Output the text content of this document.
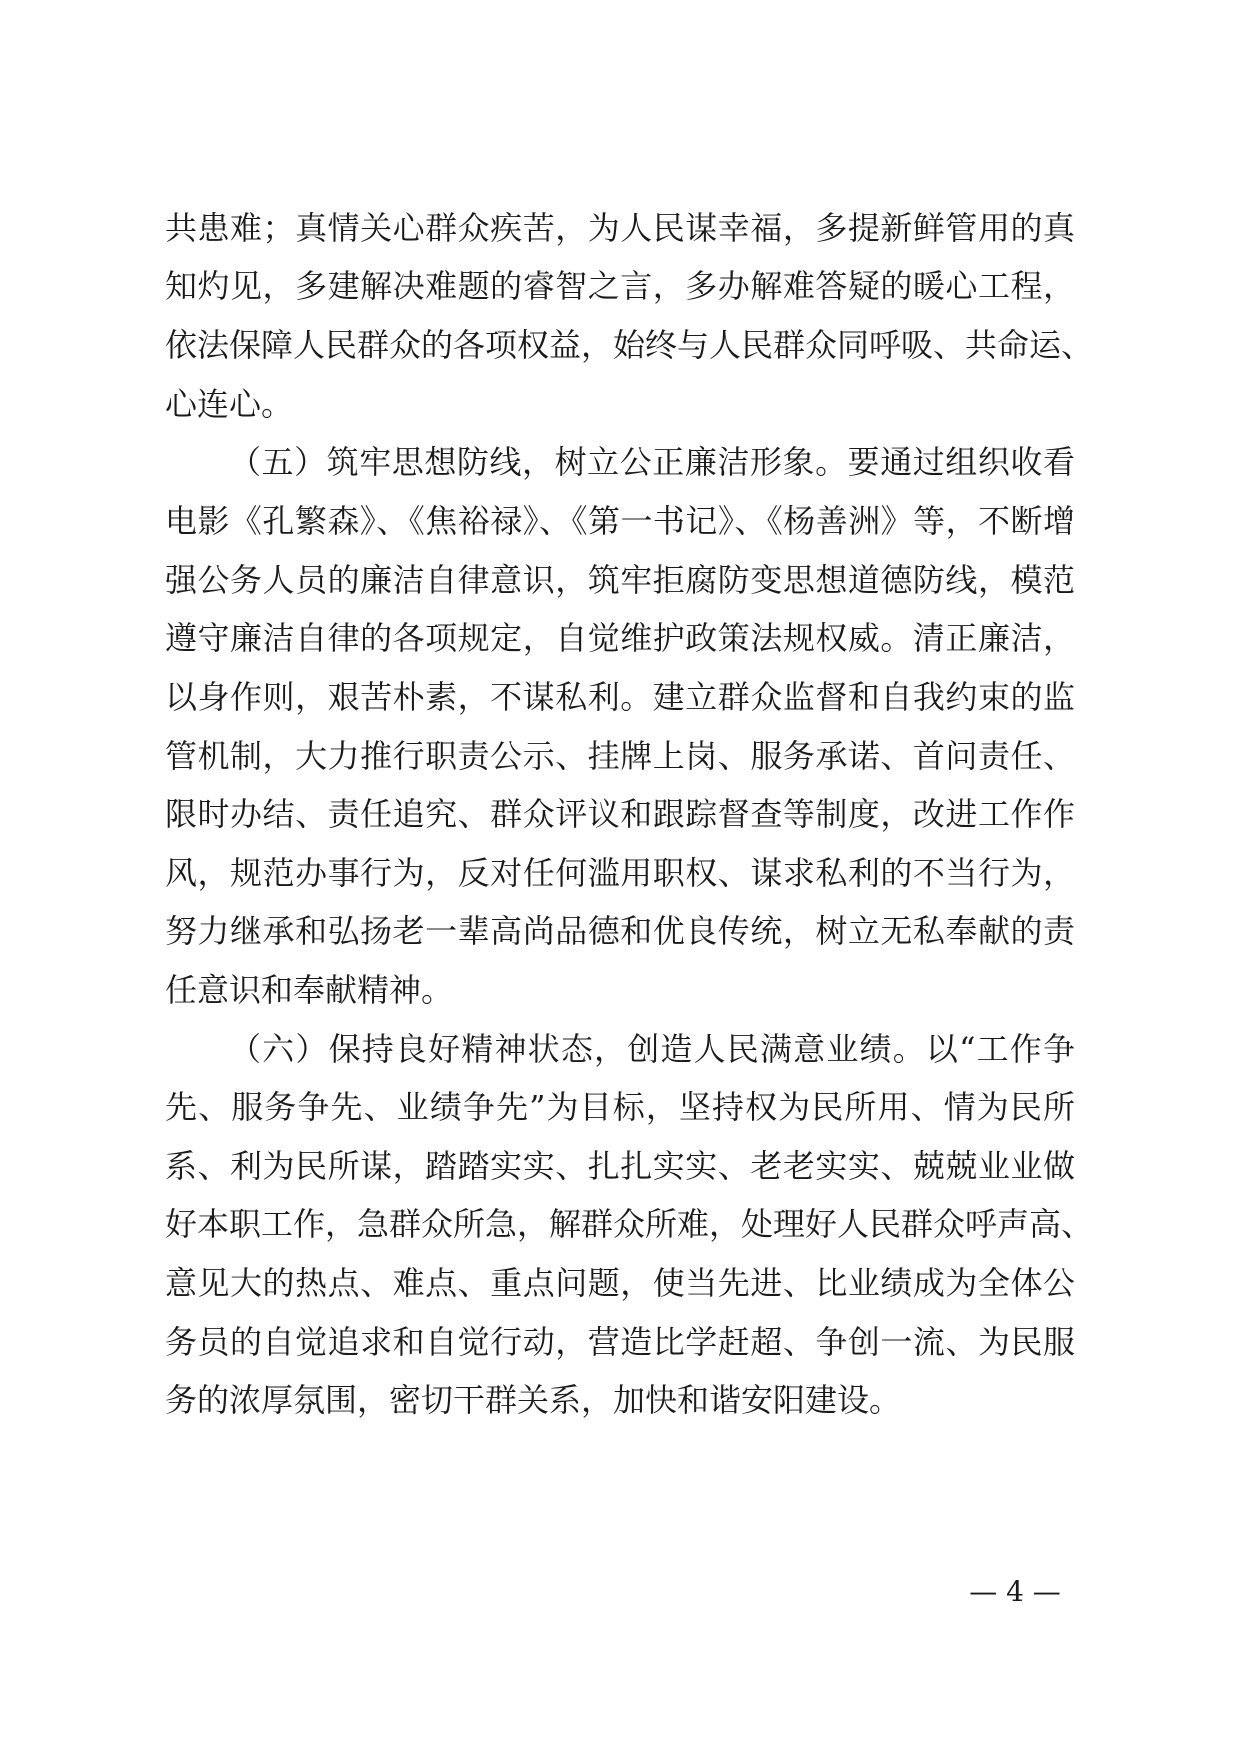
共患难；真情关心群众疾苦，为人民谋幸福，多提新鲜管用的真
知灼见，多建解决难题的睿智之言，多办解难答疑的暖心工程，
依法保障人民群众的各项权益，始终与人民群众同呼吸、共命运、
心连心。
（五）筑牢思想防线，树立公正廉洁形象。要通过组织收看
电影《孔繁森》、《焦裕禄》、《第一书记》、《杨善洲》等，不断增
强公务人员的廉洁自律意识，筑牢拒腐防变思想道德防线，模范
遵守廉洁自律的各项规定，自觉维护政策法规权威。清正廉洁，
以身作则，艰苦朴素，不谋私利。建立群众监督和自我约束的监
管机制，大力推行职责公示、挂牌上岗、服务承诺、首问责任、
限时办结、责任追究、群众评议和跟踪督查等制度，改进工作作
风，规范办事行为，反对任何滥用职权、谋求私利的不当行为，
努力继承和弘扬老一辈高尚品德和优良传统，树立无私奉献的责
任意识和奉献精神。
（六）保持良好精神状态，创造人民满意业绩。以“工作争
先、服务争先、业绩争先”为目标，坚持权为民所用、情为民所
系、利为民所谋，踏踏实实、扎扎实实、老老实实、兢兢业业做
好本职工作，急群众所急，解群众所难，处理好人民群众呼声高、
意见大的热点、难点、重点问题，使当先进、比业绩成为全体公
务员的自觉追求和自觉行动，营造比学赶超、争创一流、为民服
务的浓厚氛围，密切干群关系，加快和谐安阳建设。
— 4 —
